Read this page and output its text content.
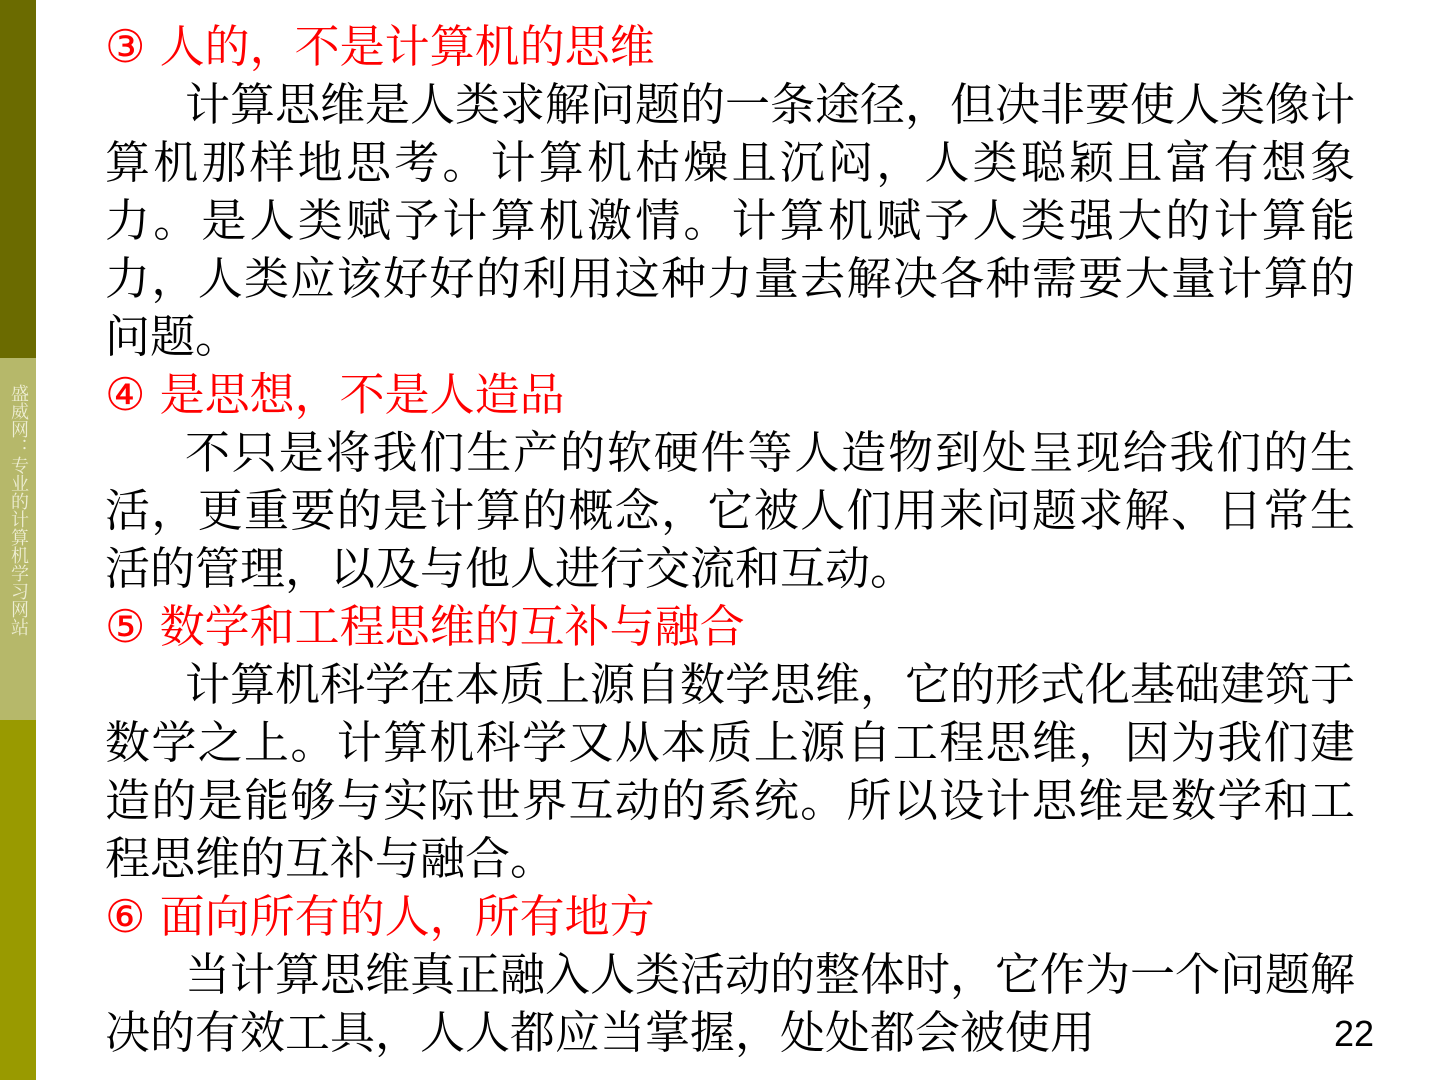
盛威网：专业的计算机学习网站
③ 人的，不是计算机的思维

计算思维是人类求解问题的一条途径，但决非要使人类像计算机那样地思考。计算机枯燥且沉闷，人类聪颖且富有想象力。是人类赋予计算机激情。计算机赋予人类强大的计算能力，人类应该好好的利用这种力量去解决各种需要大量计算的问题。

④ 是思想，不是人造品

不只是将我们生产的软硬件等人造物到处呈现给我们的生活，更重要的是计算的概念，它被人们用来问题求解、日常生活的管理，以及与他人进行交流和互动。

⑤ 数学和工程思维的互补与融合

计算机科学在本质上源自数学思维，它的形式化基础建筑于数学之上。计算机科学又从本质上源自工程思维，因为我们建造的是能够与实际世界互动的系统。所以设计思维是数学和工程思维的互补与融合。

⑥ 面向所有的人，所有地方

当计算思维真正融入人类活动的整体时，它作为一个问题解决的有效工具，人人都应当掌握，处处都会被使用	22
